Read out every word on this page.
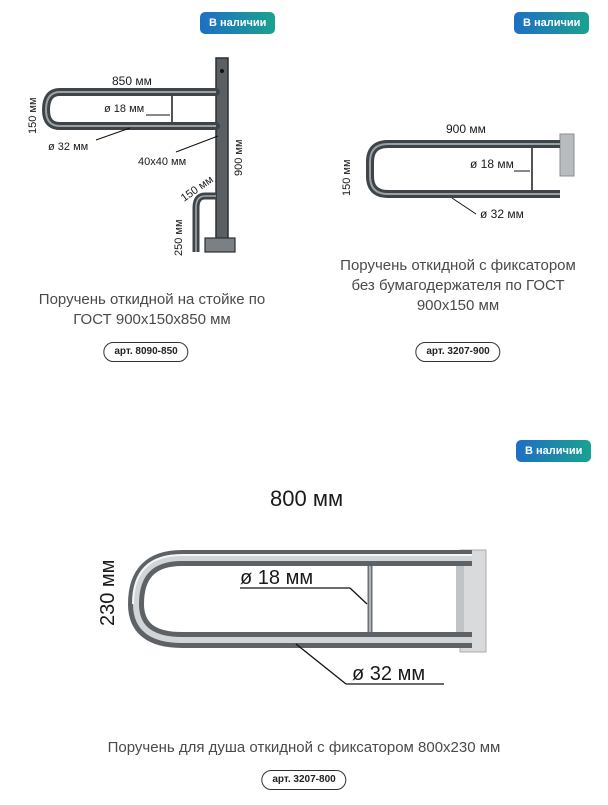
В наличии
850 мм
150 мм	ø 18 мм
ø 32 мм
40х40 мм	900 мм
150 мм
250 мм

Поручень откидной на стойке по ГОСТ 900х150х850 мм

арт. 8090-850
В наличии
900 мм
150 мм	ø 18 мм
ø 32 мм

Поручень откидной с фиксатором без бумагодержателя по ГОСТ 900х150 мм

арт. 3207-900
В наличии
800 мм
230 мм	ø 18 мм
ø 32 мм

Поручень для душа откидной с фиксатором 800х230 мм

арт. 3207-800
